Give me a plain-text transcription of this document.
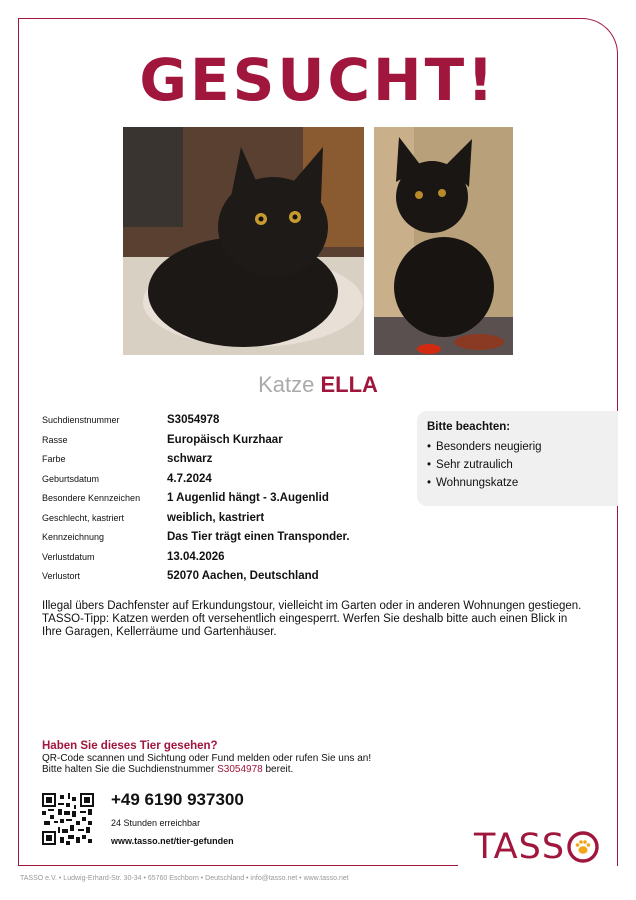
GESUCHT!
Katze ELLA
Suchdienstnummer	S3054978
Rasse	Europäisch Kurzhaar
Farbe	schwarz
Geburtsdatum	4.7.2024
Besondere Kennzeichen	1 Augenlid hängt - 3.Augenlid
Geschlecht, kastriert	weiblich, kastriert
Kennzeichnung	Das Tier trägt einen Transponder.
Verlustdatum	13.04.2026
Verlustort	52070 Aachen, Deutschland
Bitte beachten:
• Besonders neugierig
• Sehr zutraulich
• Wohnungskatze
Illegal übers Dachfenster auf Erkundungstour, vielleicht im Garten oder in anderen Wohnungen gestiegen.
TASSO-Tipp: Katzen werden oft versehentlich eingesperrt. Werfen Sie deshalb bitte auch einen Blick in Ihre Garagen, Kellerräume und Gartenhäuser.
Haben Sie dieses Tier gesehen?
QR-Code scannen und Sichtung oder Fund melden oder rufen Sie uns an!
Bitte halten Sie die Suchdienstnummer S3054978 bereit.
+49 6190 937300
24 Stunden erreichbar
www.tasso.net/tier-gefunden	TASS
TASSO e.V. • Ludwig-Erhard-Str. 30-34 • 65760 Eschborn • Deutschland • info@tasso.net • www.tasso.net
